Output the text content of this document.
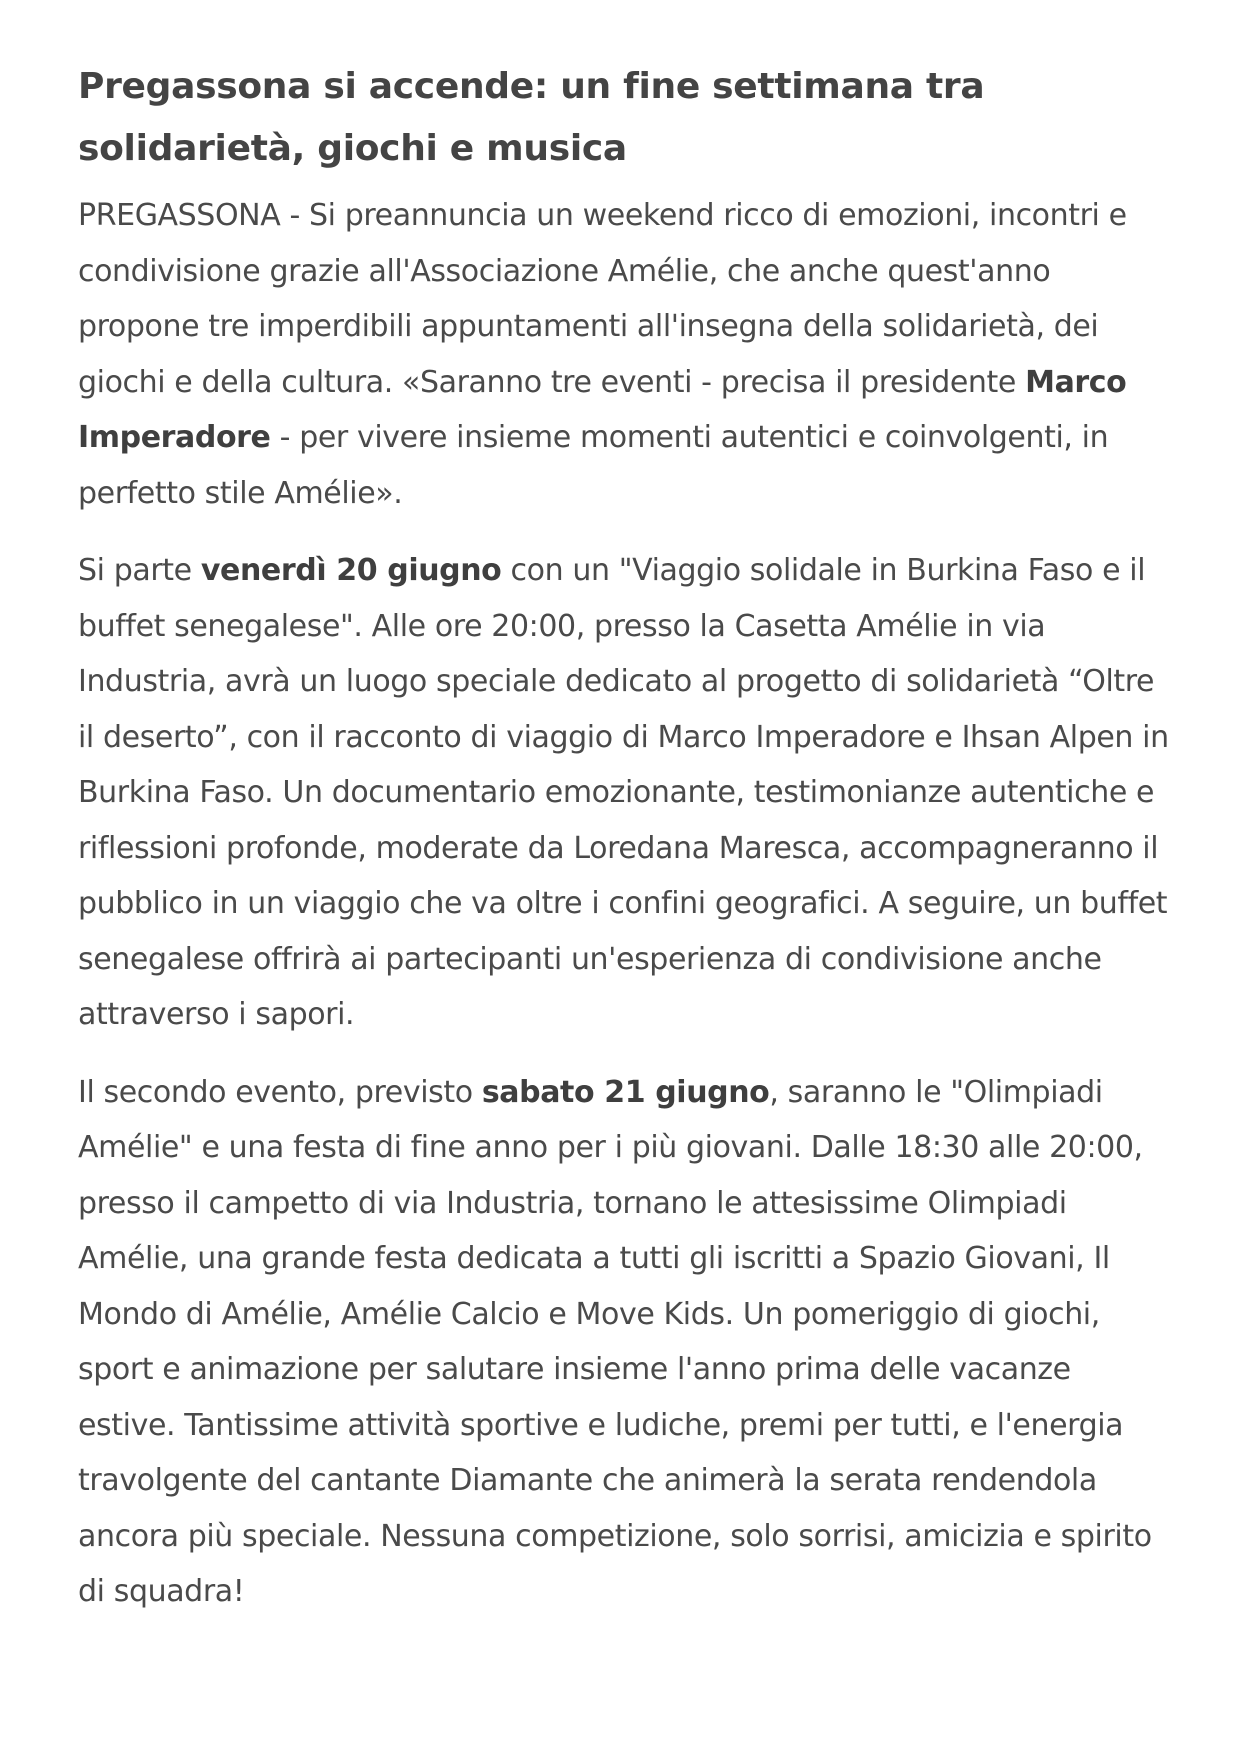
Pregassona si accende: un fine settimana tra solidarietà, giochi e musica

PREGASSONA - Si preannuncia un weekend ricco di emozioni, incontri e condivisione grazie all'Associazione Amélie, che anche quest'anno propone tre imperdibili appuntamenti all'insegna della solidarietà, dei giochi e della cultura. «Saranno tre eventi - precisa il presidente Marco Imperadore - per vivere insieme momenti autentici e coinvolgenti, in perfetto stile Amélie».

Si parte venerdì 20 giugno con un "Viaggio solidale in Burkina Faso e il buffet senegalese". Alle ore 20:00, presso la Casetta Amélie in via Industria, avrà un luogo speciale dedicato al progetto di solidarietà “Oltre il deserto”, con il racconto di viaggio di Marco Imperadore e Ihsan Alpen in Burkina Faso. Un documentario emozionante, testimonianze autentiche e riflessioni profonde, moderate da Loredana Maresca, accompagneranno il pubblico in un viaggio che va oltre i confini geografici. A seguire, un buffet senegalese offrirà ai partecipanti un'esperienza di condivisione anche attraverso i sapori.

Il secondo evento, previsto sabato 21 giugno, saranno le "Olimpiadi Amélie" e una festa di fine anno per i più giovani. Dalle 18:30 alle 20:00, presso il campetto di via Industria, tornano le attesissime Olimpiadi Amélie, una grande festa dedicata a tutti gli iscritti a Spazio Giovani, Il Mondo di Amélie, Amélie Calcio e Move Kids. Un pomeriggio di giochi, sport e animazione per salutare insieme l'anno prima delle vacanze estive. Tantissime attività sportive e ludiche, premi per tutti, e l'energia travolgente del cantante Diamante che animerà la serata rendendola ancora più speciale. Nessuna competizione, solo sorrisi, amicizia e spirito di squadra!
